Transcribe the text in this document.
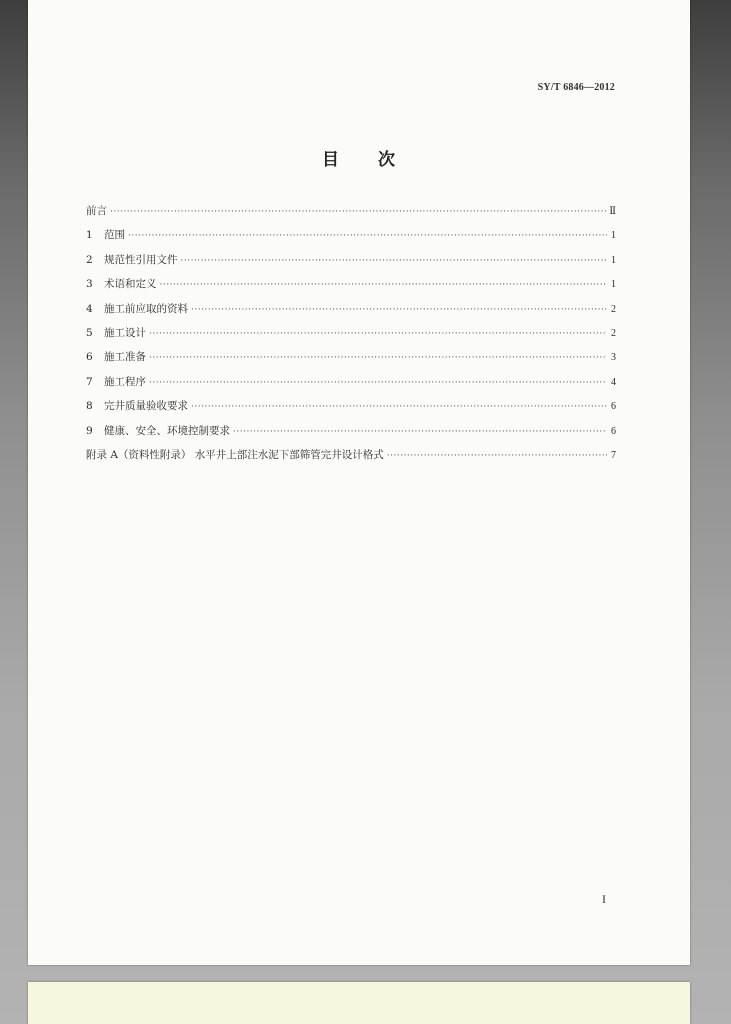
SY/T 6846—2012
目 次
前言 ·····	Ⅱ
1	范围 ·····	1
2	规范性引用文件 ·····	1
3	术语和定义 ·····	1
4	施工前应取的资料 ·····	2
5	施工设计 ·····	2
6	施工准备 ·····	3
7	施工程序 ·····	4
8	完井质量验收要求 ·····	6
9	健康、安全、环境控制要求 ·····	6
附录 A（资料性附录） 水平井上部注水泥下部筛管完井设计格式 ·····	7
I
